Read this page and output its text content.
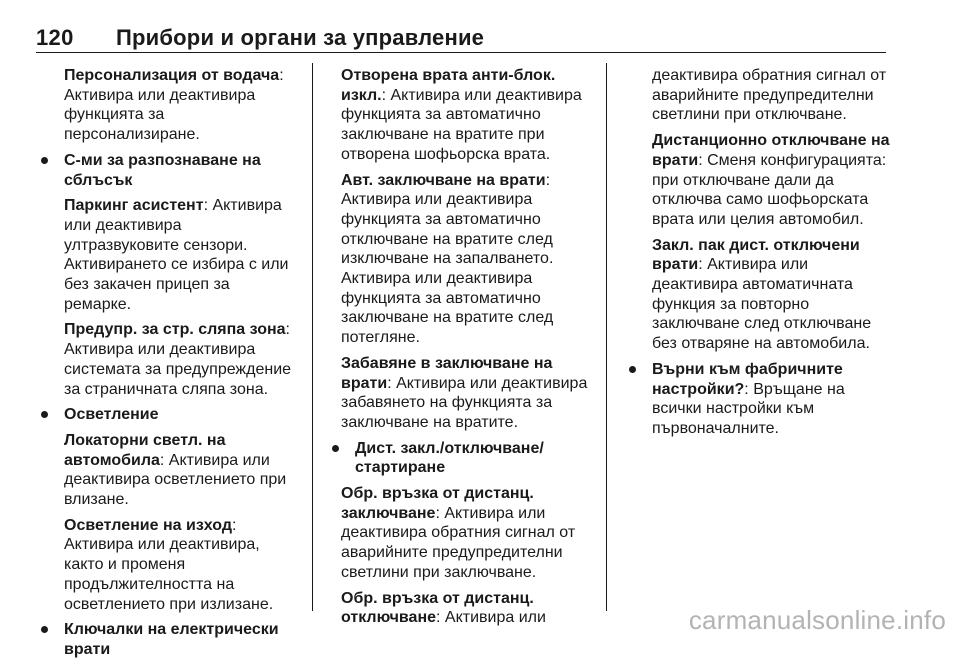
120 Прибори и органи за управление
Персонализация от водача: Активира или деактивира функцията за персонализиране.
С-ми за разпознаване на сблъсък
Паркинг асистент: Активира или деактивира ултразвуковите сензори. Активирането се избира с или без закачен прицеп за ремарке.
Предупр. за стр. сляпа зона: Активира или деактивира системата за предупреждение за страничната сляпа зона.
Осветление
Локаторни светл. на автомобила: Активира или деактивира осветлението при влизане.
Осветление на изход: Активира или деактивира, както и променя продължителността на осветлението при излизане.
Ключалки на електрически врати
Отворена врата анти-блок. изкл.: Активира или деактивира функцията за автоматично заключване на вратите при отворена шофьорска врата.
Авт. заключване на врати: Активира или деактивира функцията за автоматично отключване на вратите след изключване на запалването. Активира или деактивира функцията за автоматично заключване на вратите след потегляне.
Забавяне в заключване на врати: Активира или деактивира забавянето на функцията за заключване на вратите.
Дист. закл./отключване/ стартиране
Обр. връзка от дистанц. заключване: Активира или деактивира обратния сигнал от аварийните предупредителни светлини при заключване.
Обр. връзка от дистанц. отключване: Активира или
деактивира обратния сигнал от аварийните предупредителни светлини при отключване.
Дистанционно отключване на врати: Сменя конфигурацията: при отключване дали да отключва само шофьорската врата или целия автомобил.
Закл. пак дист. отключени врати: Активира или деактивира автоматичната функция за повторно заключване след отключване без отваряне на автомобила.
Върни към фабричните настройки?: Връщане на всички настройки към първоначалните.
carmanualsonline.info
